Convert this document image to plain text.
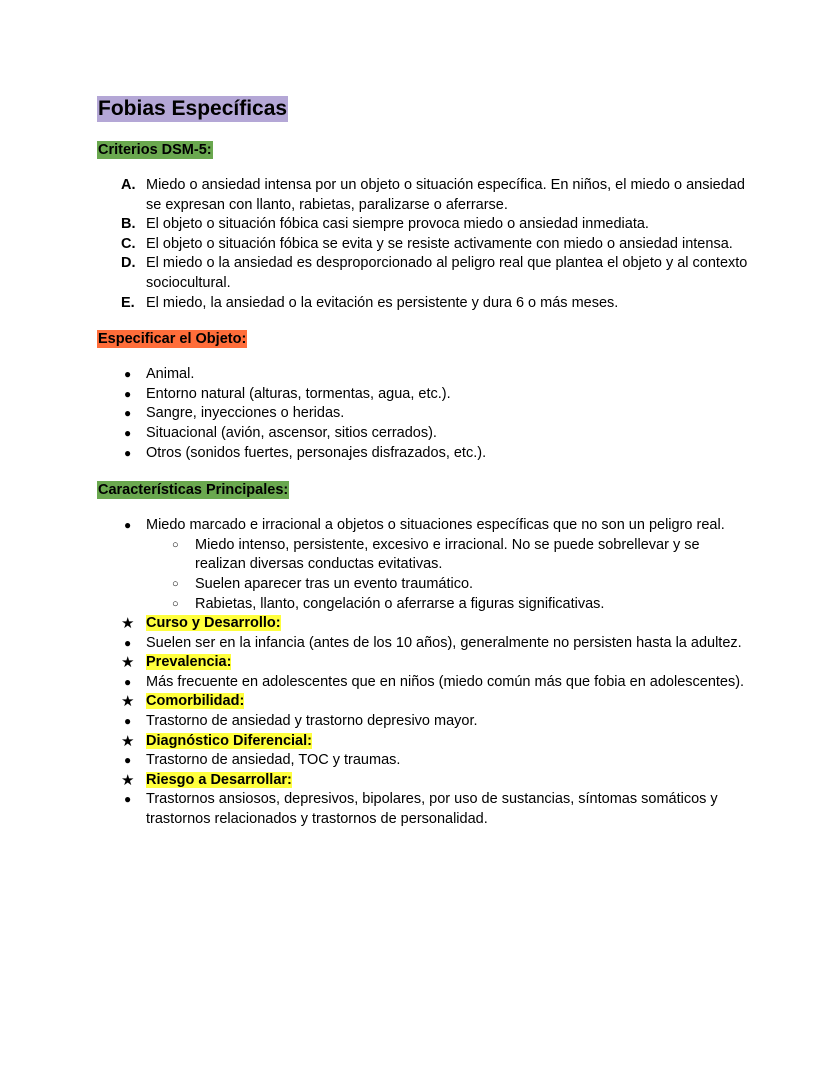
Fobias Específicas
Criterios DSM-5:
A. Miedo o ansiedad intensa por un objeto o situación específica. En niños, el miedo o ansiedad
se expresan con llanto, rabietas, paralizarse o aferrarse.
B. El objeto o situación fóbica casi siempre provoca miedo o ansiedad inmediata.
C. El objeto o situación fóbica se evita y se resiste activamente con miedo o ansiedad intensa.
D. El miedo o la ansiedad es desproporcionado al peligro real que plantea el objeto y al contexto
sociocultural.
E. El miedo, la ansiedad o la evitación es persistente y dura 6 o más meses.
Especificar el Objeto:
● Animal.
● Entorno natural (alturas, tormentas, agua, etc.).
● Sangre, inyecciones o heridas.
● Situacional (avión, ascensor, sitios cerrados).
● Otros (sonidos fuertes, personajes disfrazados, etc.).
Características Principales:
● Miedo marcado e irracional a objetos o situaciones específicas que no son un peligro real.
○ Miedo intenso, persistente, excesivo e irracional. No se puede sobrellevar y se
realizan diversas conductas evitativas.
○ Suelen aparecer tras un evento traumático.
○ Rabietas, llanto, congelación o aferrarse a figuras significativas.
★ Curso y Desarrollo:
● Suelen ser en la infancia (antes de los 10 años), generalmente no persisten hasta la adultez.
★ Prevalencia:
● Más frecuente en adolescentes que en niños (miedo común más que fobia en adolescentes).
★ Comorbilidad:
● Trastorno de ansiedad y trastorno depresivo mayor.
★ Diagnóstico Diferencial:
● Trastorno de ansiedad, TOC y traumas.
★ Riesgo a Desarrollar:
● Trastornos ansiosos, depresivos, bipolares, por uso de sustancias, síntomas somáticos y
trastornos relacionados y trastornos de personalidad.
